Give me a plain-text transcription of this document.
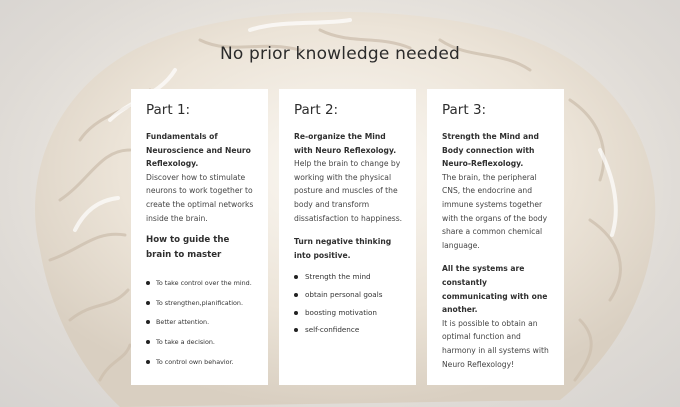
No prior knowledge needed
Part 1:
Fundamentals of Neuroscience and Neuro Reflexology.
Discover how to stimulate neurons to work together to create the optimal networks inside the brain.
How to guide the brain to master
To take control over the mind.
To strengthen,planification.
Better attention.
To take a decision.
To control own behavior.
Part 2:
Re-organize the Mind with Neuro Reflexology.
Help the brain to change by working with the physical posture and muscles of the body and transform dissatisfaction to happiness.
Turn negative thinking into positive.
Strength the mind
obtain personal goals
boosting motivation
self-confidence
Part 3:
Strength the Mind and Body connection with Neuro-Reflexology.
The brain, the peripheral CNS, the endocrine and immune systems together with the organs of the body share a common chemical language.
All the systems are constantly communicating with one another.
It is possible to obtain an optimal function and harmony in all systems with Neuro Reflexology!
